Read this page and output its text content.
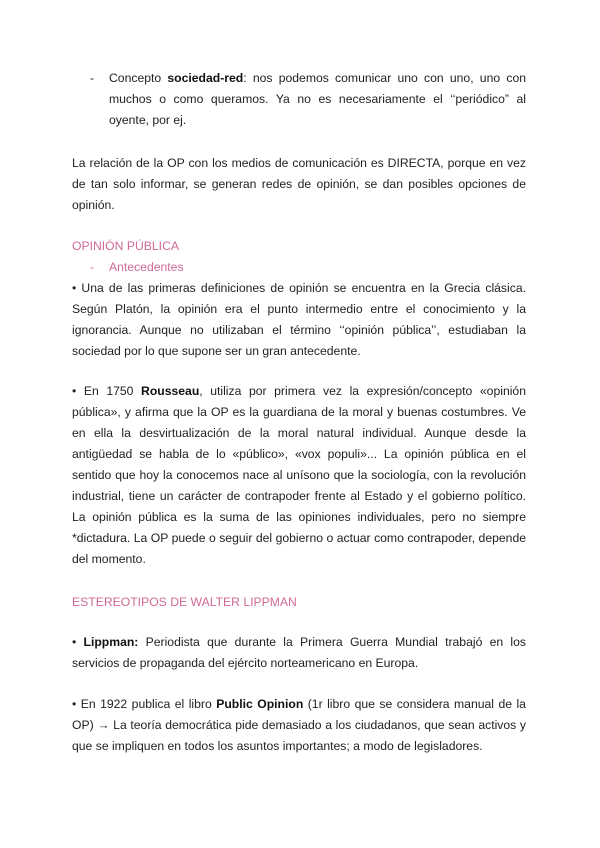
- Concepto sociedad-red: nos podemos comunicar uno con uno, uno con muchos o como queramos. Ya no es necesariamente el ‘‘periódico” al oyente, por ej.

La relación de la OP con los medios de comunicación es DIRECTA, porque en vez de tan solo informar, se generan redes de opinión, se dan posibles opciones de opinión.

OPINIÓN PÚBLICA

- Antecedentes

• Una de las primeras definiciones de opinión se encuentra en la Grecia clásica. Según Platón, la opinión era el punto intermedio entre el conocimiento y la ignorancia. Aunque no utilizaban el término ‘‘opinión pública’’, estudiaban la sociedad por lo que supone ser un gran antecedente.

• En 1750 Rousseau, utiliza por primera vez la expresión/concepto «opinión pública», y afirma que la OP es la guardiana de la moral y buenas costumbres. Ve en ella la desvirtualización de la moral natural individual. Aunque desde la antigüedad se habla de lo «público», «vox populi»... La opinión pública en el sentido que hoy la conocemos nace al unísono que la sociología, con la revolución industrial, tiene un carácter de contrapoder frente al Estado y el gobierno político. La opinión pública es la suma de las opiniones individuales, pero no siempre *dictadura. La OP puede o seguir del gobierno o actuar como contrapoder, depende del momento.

ESTEREOTIPOS DE WALTER LIPPMAN

• Lippman: Periodista que durante la Primera Guerra Mundial trabajó en los servicios de propaganda del ejército norteamericano en Europa.

• En 1922 publica el libro Public Opinion (1r libro que se considera manual de la OP) → La teoría democrática pide demasiado a los ciudadanos, que sean activos y que se impliquen en todos los asuntos importantes; a modo de legisladores.
